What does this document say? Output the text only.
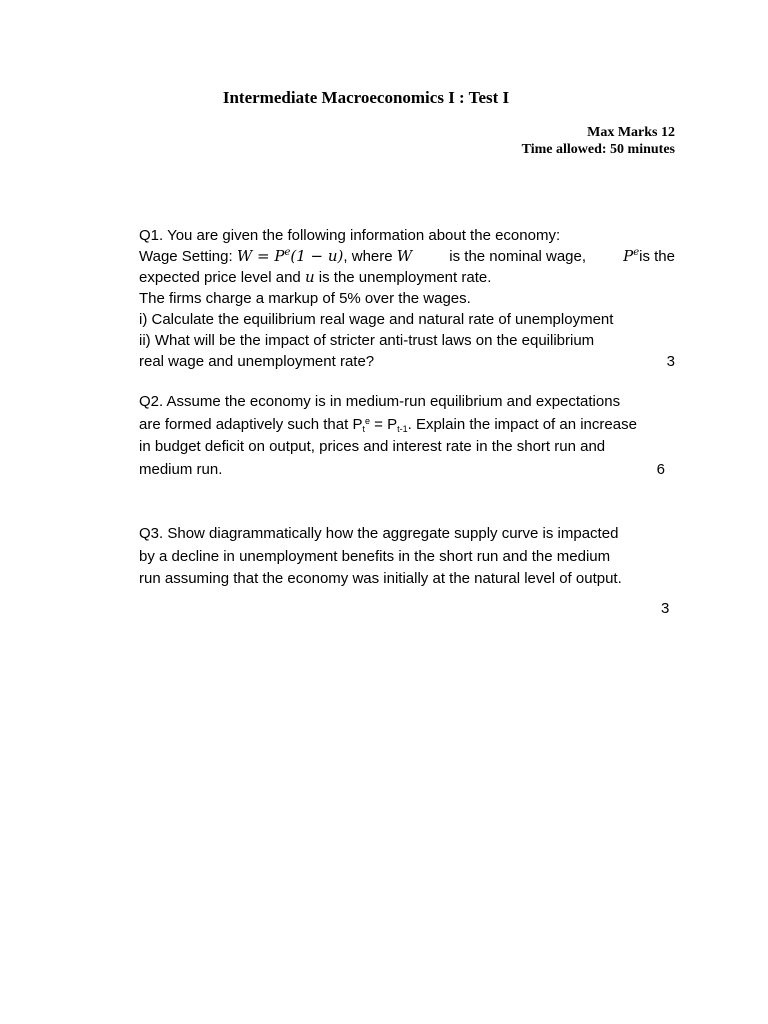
Intermediate Macroeconomics I : Test I
Max Marks 12
Time allowed: 50 minutes
Q1. You are given the following information about the economy:
Wage Setting: $W = P^e(1 - u)$, where W is the nominal wage, $P^eis$ the
expected price level and u is the unemployment rate.
The firms charge a markup of 5% over the wages.
i) Calculate the equilibrium real wage and natural rate of unemployment
ii) What will be the impact of stricter anti-trust laws on the equilibrium
real wage and unemployment rate?	3
Q2. Assume the economy is in medium-run equilibrium and expectations
are formed adaptively such that $P_t^e = P_{t-1}$. Explain the impact of an increase
in budget deficit on output, prices and interest rate in the short run and
medium run.	6
Q3. Show diagrammatically how the aggregate supply curve is impacted
by a decline in unemployment benefits in the short run and the medium
run assuming that the economy was initially at the natural level of output.
3
